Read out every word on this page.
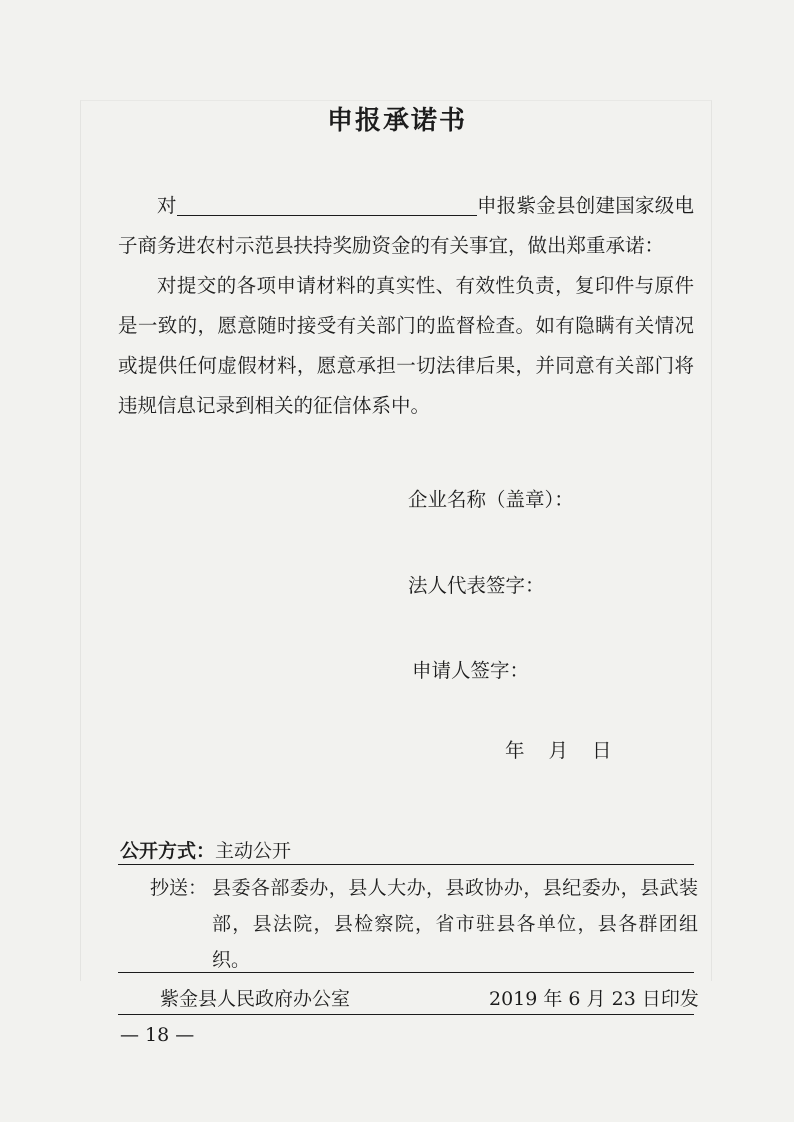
申报承诺书

对	申报紫金县创建国家级电子商务进农村示范县扶持奖励资金的有关事宜，做出郑重承诺：

对提交的各项申请材料的真实性、有效性负责，复印件与原件是一致的，愿意随时接受有关部门的监督检查。如有隐瞒有关情况或提供任何虚假材料，愿意承担一切法律后果，并同意有关部门将违规信息记录到相关的征信体系中。

企业名称（盖章）：
法人代表签字：
申请人签字：
年 月 日
公开方式：主动公开
抄送： 县委各部委办，县人大办，县政协办，县纪委办，县武装部，县法院，县检察院，省市驻县各单位，县各群团组织。
紫金县人民政府办公室	2019 年 6 月 23 日印发
— 18 —
